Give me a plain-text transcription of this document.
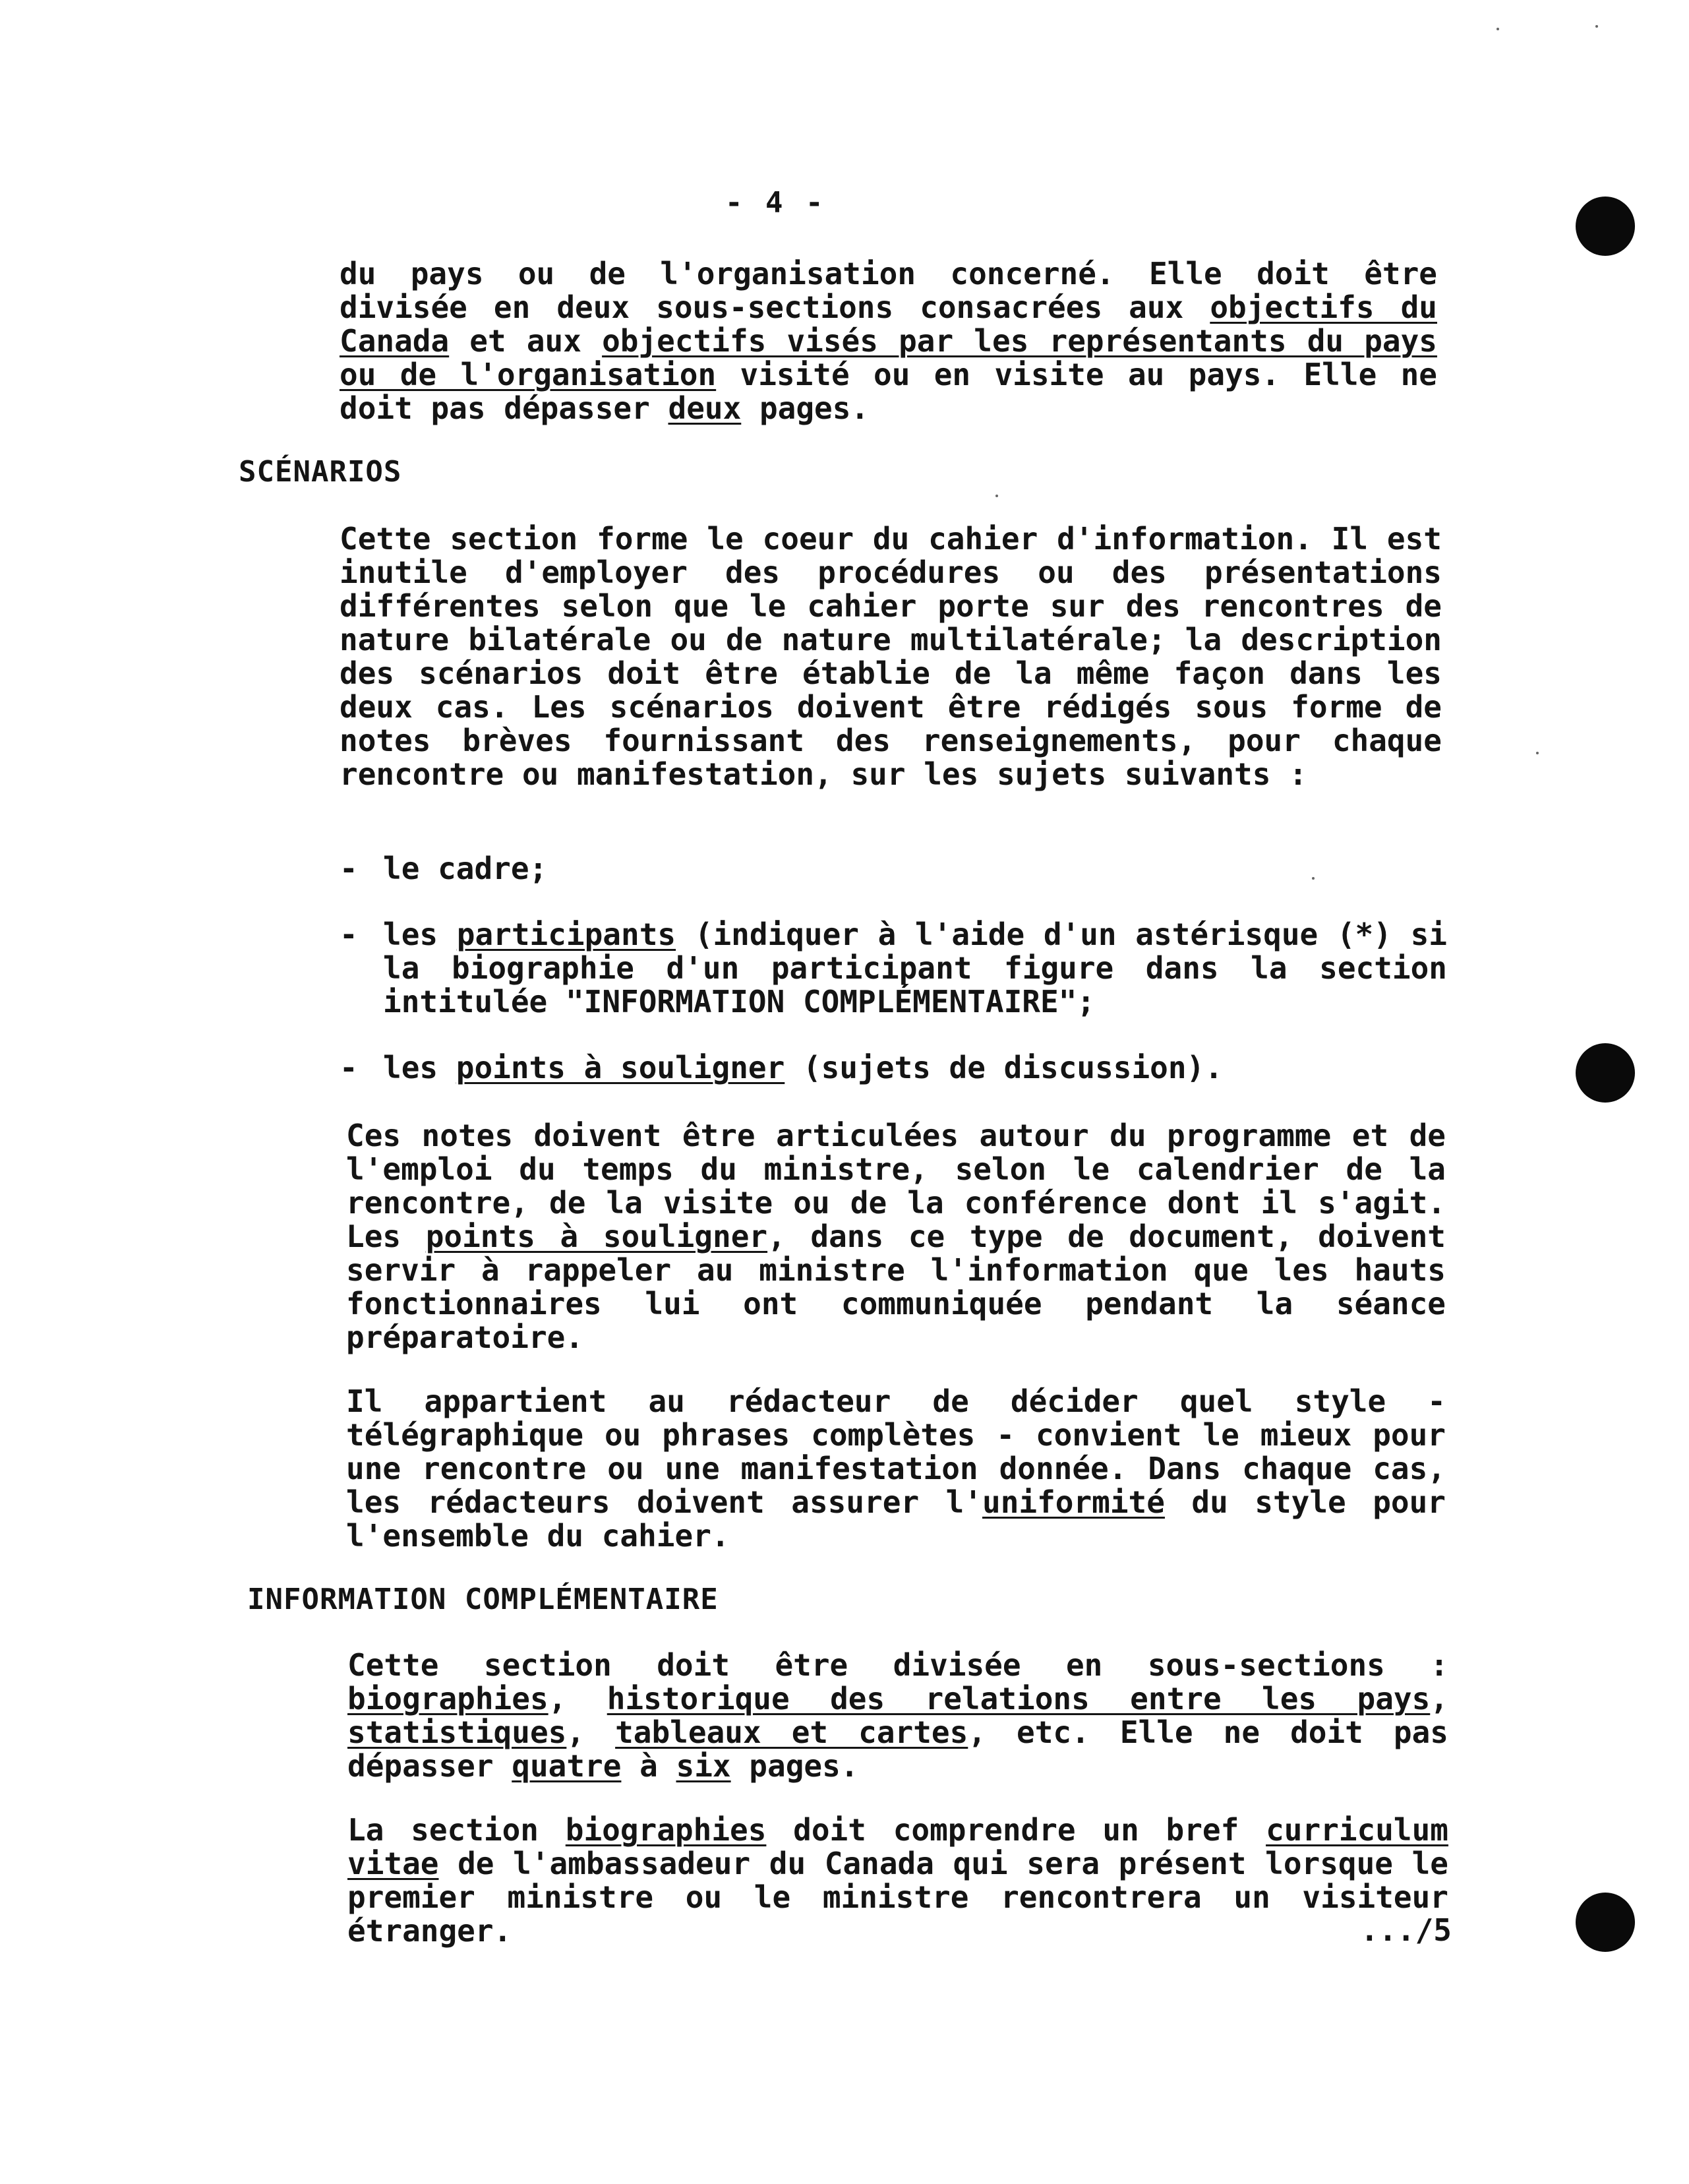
- 4 -
du pays ou de l'organisation concerné. Elle doit être divisée en deux sous-sections consacrées aux objectifs du Canada et aux objectifs visés par les représentants du pays ou de l'organisation visité ou en visite au pays. Elle ne doit pas dépasser deux pages.
SCÉNARIOS
Cette section forme le coeur du cahier d'information. Il est inutile d'employer des procédures ou des présentations différentes selon que le cahier porte sur des rencontres de nature bilatérale ou de nature multilatérale; la description des scénarios doit être établie de la même façon dans les deux cas. Les scénarios doivent être rédigés sous forme de notes brèves fournissant des renseignements, pour chaque rencontre ou manifestation, sur les sujets suivants :
- le cadre;
- les participants (indiquer à l'aide d'un astérisque (*) si la biographie d'un participant figure dans la section intitulée "INFORMATION COMPLÉMENTAIRE";
- les points à souligner (sujets de discussion).
Ces notes doivent être articulées autour du programme et de l'emploi du temps du ministre, selon le calendrier de la rencontre, de la visite ou de la conférence dont il s'agit. Les points à souligner, dans ce type de document, doivent servir à rappeler au ministre l'information que les hauts fonctionnaires lui ont communiquée pendant la séance préparatoire.
Il appartient au rédacteur de décider quel style - télégraphique ou phrases complètes - convient le mieux pour une rencontre ou une manifestation donnée. Dans chaque cas, les rédacteurs doivent assurer l'uniformité du style pour l'ensemble du cahier.
INFORMATION COMPLÉMENTAIRE
Cette section doit être divisée en sous-sections : biographies, historique des relations entre les pays, statistiques, tableaux et cartes, etc. Elle ne doit pas dépasser quatre à six pages.
La section biographies doit comprendre un bref curriculum vitae de l'ambassadeur du Canada qui sera présent lorsque le premier ministre ou le ministre rencontrera un visiteur étranger.	.../5
